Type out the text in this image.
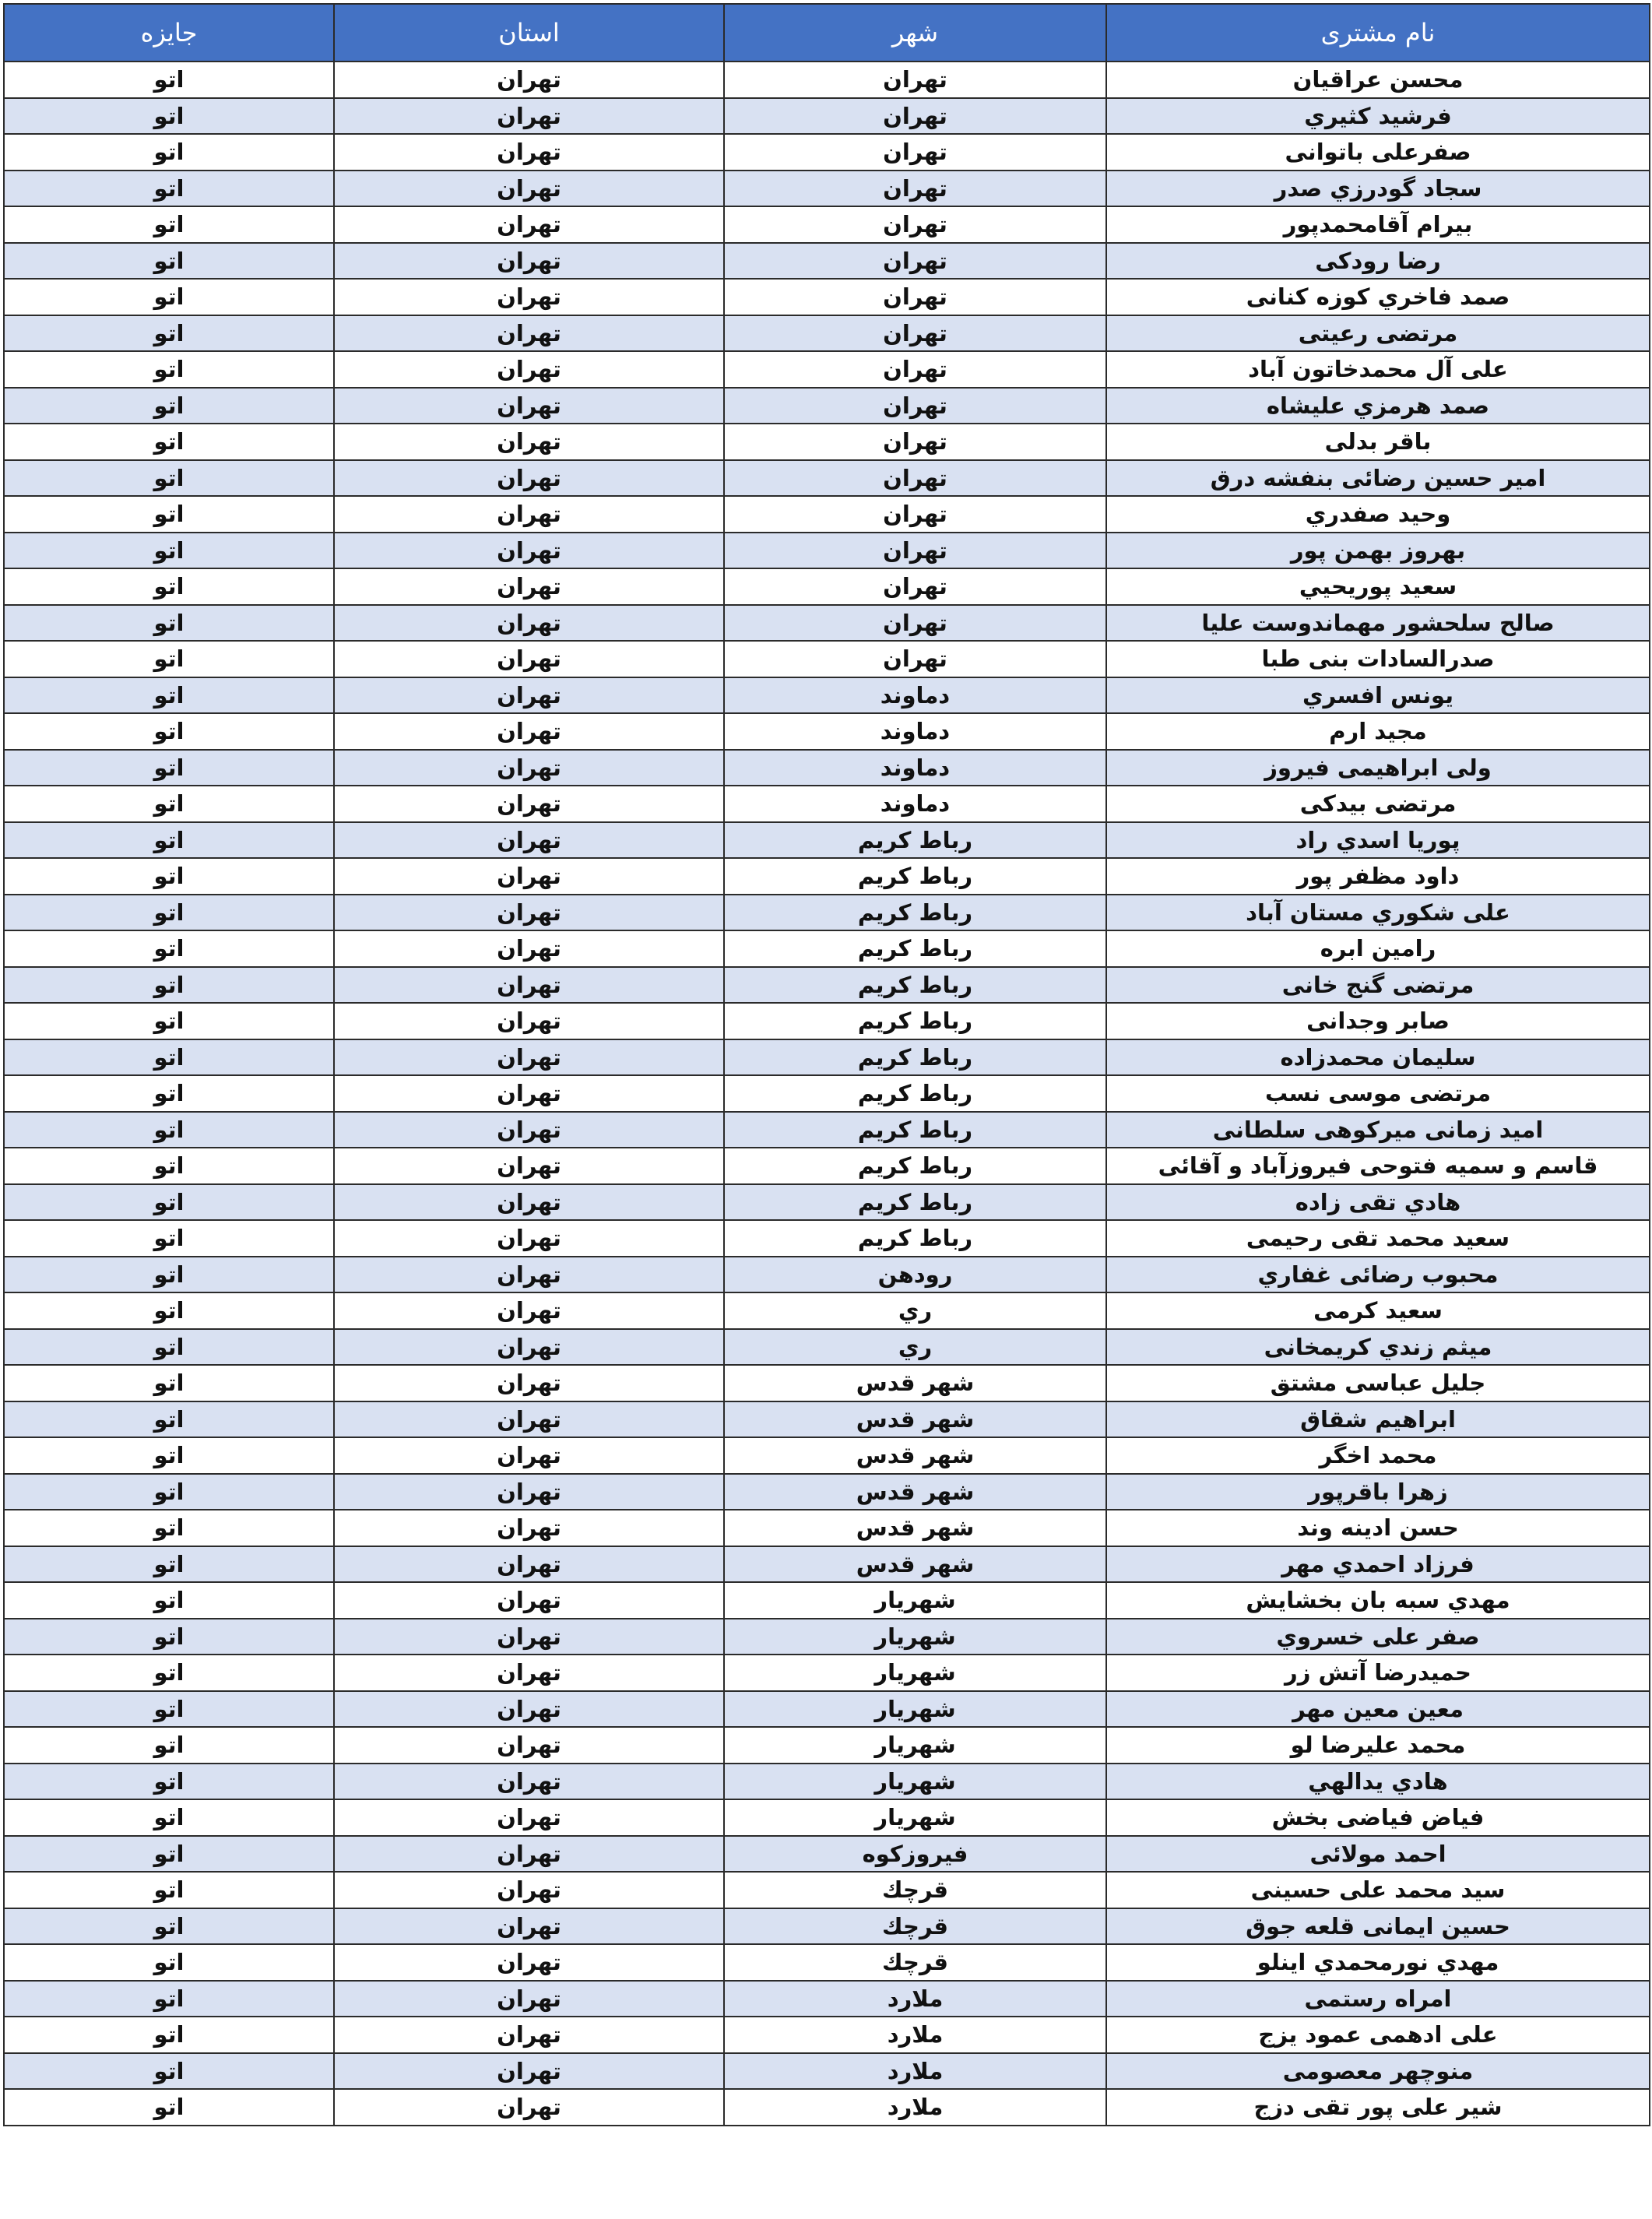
نام مشتری	شهر	استان	جایزه
محسن عراقيان	تهران	تهران	اتو
فرشيد كثيري	تهران	تهران	اتو
صفرعلی باتوانی	تهران	تهران	اتو
سجاد گودرزي صدر	تهران	تهران	اتو
بيرام آقامحمدپور	تهران	تهران	اتو
رضا رودکی	تهران	تهران	اتو
صمد فاخري كوزه كنانی	تهران	تهران	اتو
مرتضی رعیتی	تهران	تهران	اتو
علی آل محمدخاتون آباد	تهران	تهران	اتو
صمد هرمزي عليشاه	تهران	تهران	اتو
باقر بدلی	تهران	تهران	اتو
امیر حسین رضائی بنفشه درق	تهران	تهران	اتو
وحيد صفدري	تهران	تهران	اتو
بهروز بهمن پور	تهران	تهران	اتو
سعيد پوريحيي	تهران	تهران	اتو
صالح سلحشور مهماندوست عليا	تهران	تهران	اتو
صدرالسادات بنی طبا	تهران	تهران	اتو
يونس افسري	دماوند	تهران	اتو
مجيد ارم	دماوند	تهران	اتو
ولی ابراهيمی فيروز	دماوند	تهران	اتو
مرتضی بیدکی	دماوند	تهران	اتو
پوريا اسدي راد	رباط کریم	تهران	اتو
داود مظفر پور	رباط کریم	تهران	اتو
علی شكوري مستان آباد	رباط کریم	تهران	اتو
رامين ابره	رباط کریم	تهران	اتو
مرتضی گنج خانی	رباط کریم	تهران	اتو
صابر وجدانی	رباط کریم	تهران	اتو
سليمان محمدزاده	رباط کریم	تهران	اتو
مرتضی موسی نسب	رباط کریم	تهران	اتو
اميد زمانی ميركوهی سلطانی	رباط کریم	تهران	اتو
قاسم و سمیه فتوحی فیروزآباد و آقائی	رباط کریم	تهران	اتو
هادي تقی زاده	رباط کریم	تهران	اتو
سعید محمد تقی رحیمی	رباط کریم	تهران	اتو
محبوب رضائی غفاري	رودهن	تهران	اتو
سعيد كرمی	ري	تهران	اتو
ميثم زندي كريمخانی	ري	تهران	اتو
جليل عباسی مشتق	شهر قدس	تهران	اتو
ابراهيم شقاق	شهر قدس	تهران	اتو
محمد اخگر	شهر قدس	تهران	اتو
زهرا باقرپور	شهر قدس	تهران	اتو
حسن ادينه وند	شهر قدس	تهران	اتو
فرزاد احمدي مهر	شهر قدس	تهران	اتو
مهدي سبه بان بخشايش	شهريار	تهران	اتو
صفر علی خسروي	شهريار	تهران	اتو
حميدرضا آتش زر	شهريار	تهران	اتو
معين معين مهر	شهريار	تهران	اتو
محمد عليرضا لو	شهريار	تهران	اتو
هادي يدالهي	شهريار	تهران	اتو
فياض فياضی بخش	شهريار	تهران	اتو
احمد مولائی	فيروزكوه	تهران	اتو
سيد محمد علی حسينی	قرچك	تهران	اتو
حسين ايمانی قلعه جوق	قرچك	تهران	اتو
مهدي نورمحمدي اينلو	قرچك	تهران	اتو
امراه رستمی	ملارد	تهران	اتو
علی ادهمی عمود يزج	ملارد	تهران	اتو
منوچهر معصومی	ملارد	تهران	اتو
شير علی پور تقی دزج	ملارد	تهران	اتو
